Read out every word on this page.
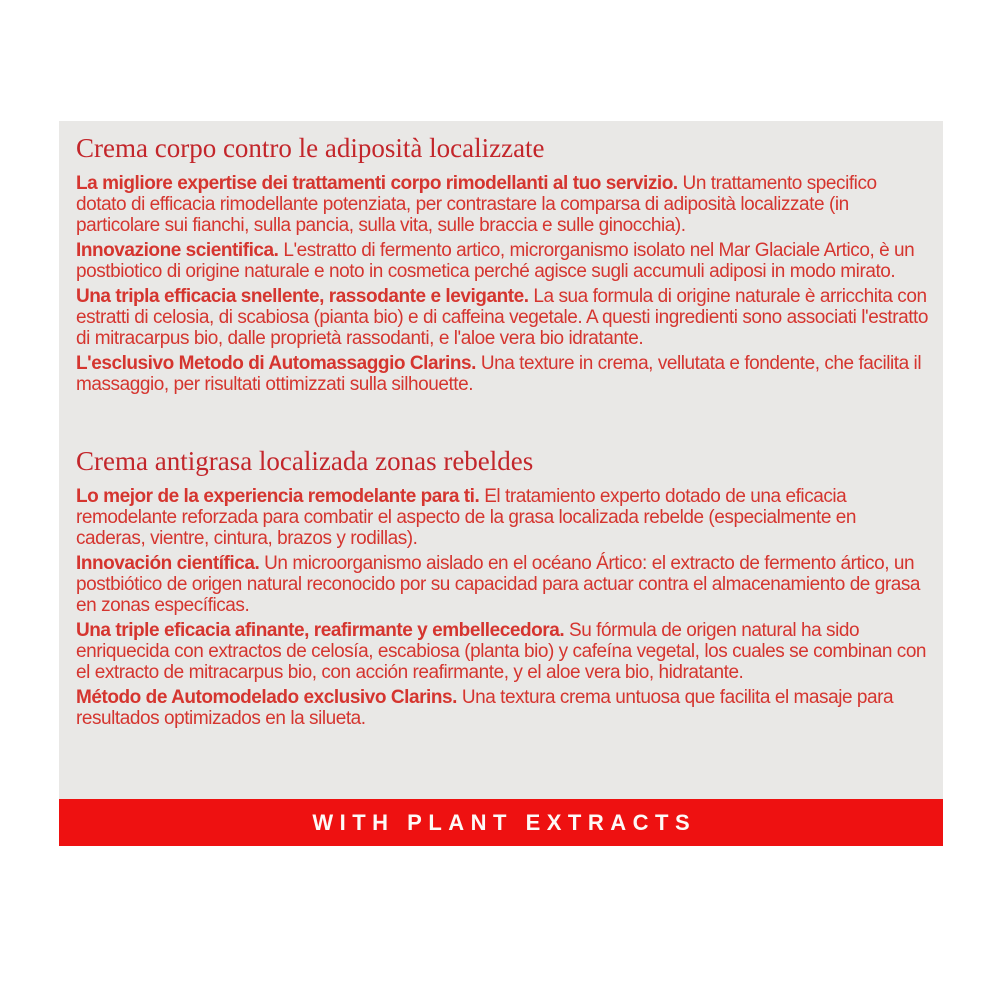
Crema corpo contro le adiposità localizzate

La migliore expertise dei trattamenti corpo rimodellanti al tuo servizio. Un trattamento specifico dotato di efficacia rimodellante potenziata, per contrastare la comparsa di adiposità localizzate (in particolare sui fianchi, sulla pancia, sulla vita, sulle braccia e sulle ginocchia).

Innovazione scientifica. L'estratto di fermento artico, microrganismo isolato nel Mar Glaciale Artico, è un postbiotico di origine naturale e noto in cosmetica perché agisce sugli accumuli adiposi in modo mirato.

Una tripla efficacia snellente, rassodante e levigante. La sua formula di origine naturale è arricchita con estratti di celosia, di scabiosa (pianta bio) e di caffeina vegetale. A questi ingredienti sono associati l'estratto di mitracarpus bio, dalle proprietà rassodanti, e l'aloe vera bio idratante.

L'esclusivo Metodo di Automassaggio Clarins. Una texture in crema, vellutata e fondente, che facilita il massaggio, per risultati ottimizzati sulla silhouette.

Crema antigrasa localizada zonas rebeldes

Lo mejor de la experiencia remodelante para ti. El tratamiento experto dotado de una eficacia remodelante reforzada para combatir el aspecto de la grasa localizada rebelde (especialmente en caderas, vientre, cintura, brazos y rodillas).

Innovación científica. Un microorganismo aislado en el océano Ártico: el extracto de fermento ártico, un postbiótico de origen natural reconocido por su capacidad para actuar contra el almacenamiento de grasa en zonas específicas.

Una triple eficacia afinante, reafirmante y embellecedora. Su fórmula de origen natural ha sido enriquecida con extractos de celosía, escabiosa (planta bio) y cafeína vegetal, los cuales se combinan con el extracto de mitracarpus bio, con acción reafirmante, y el aloe vera bio, hidratante.

Método de Automodelado exclusivo Clarins. Una textura crema untuosa que facilita el masaje para resultados optimizados en la silueta.

WITH PLANT EXTRACTS
